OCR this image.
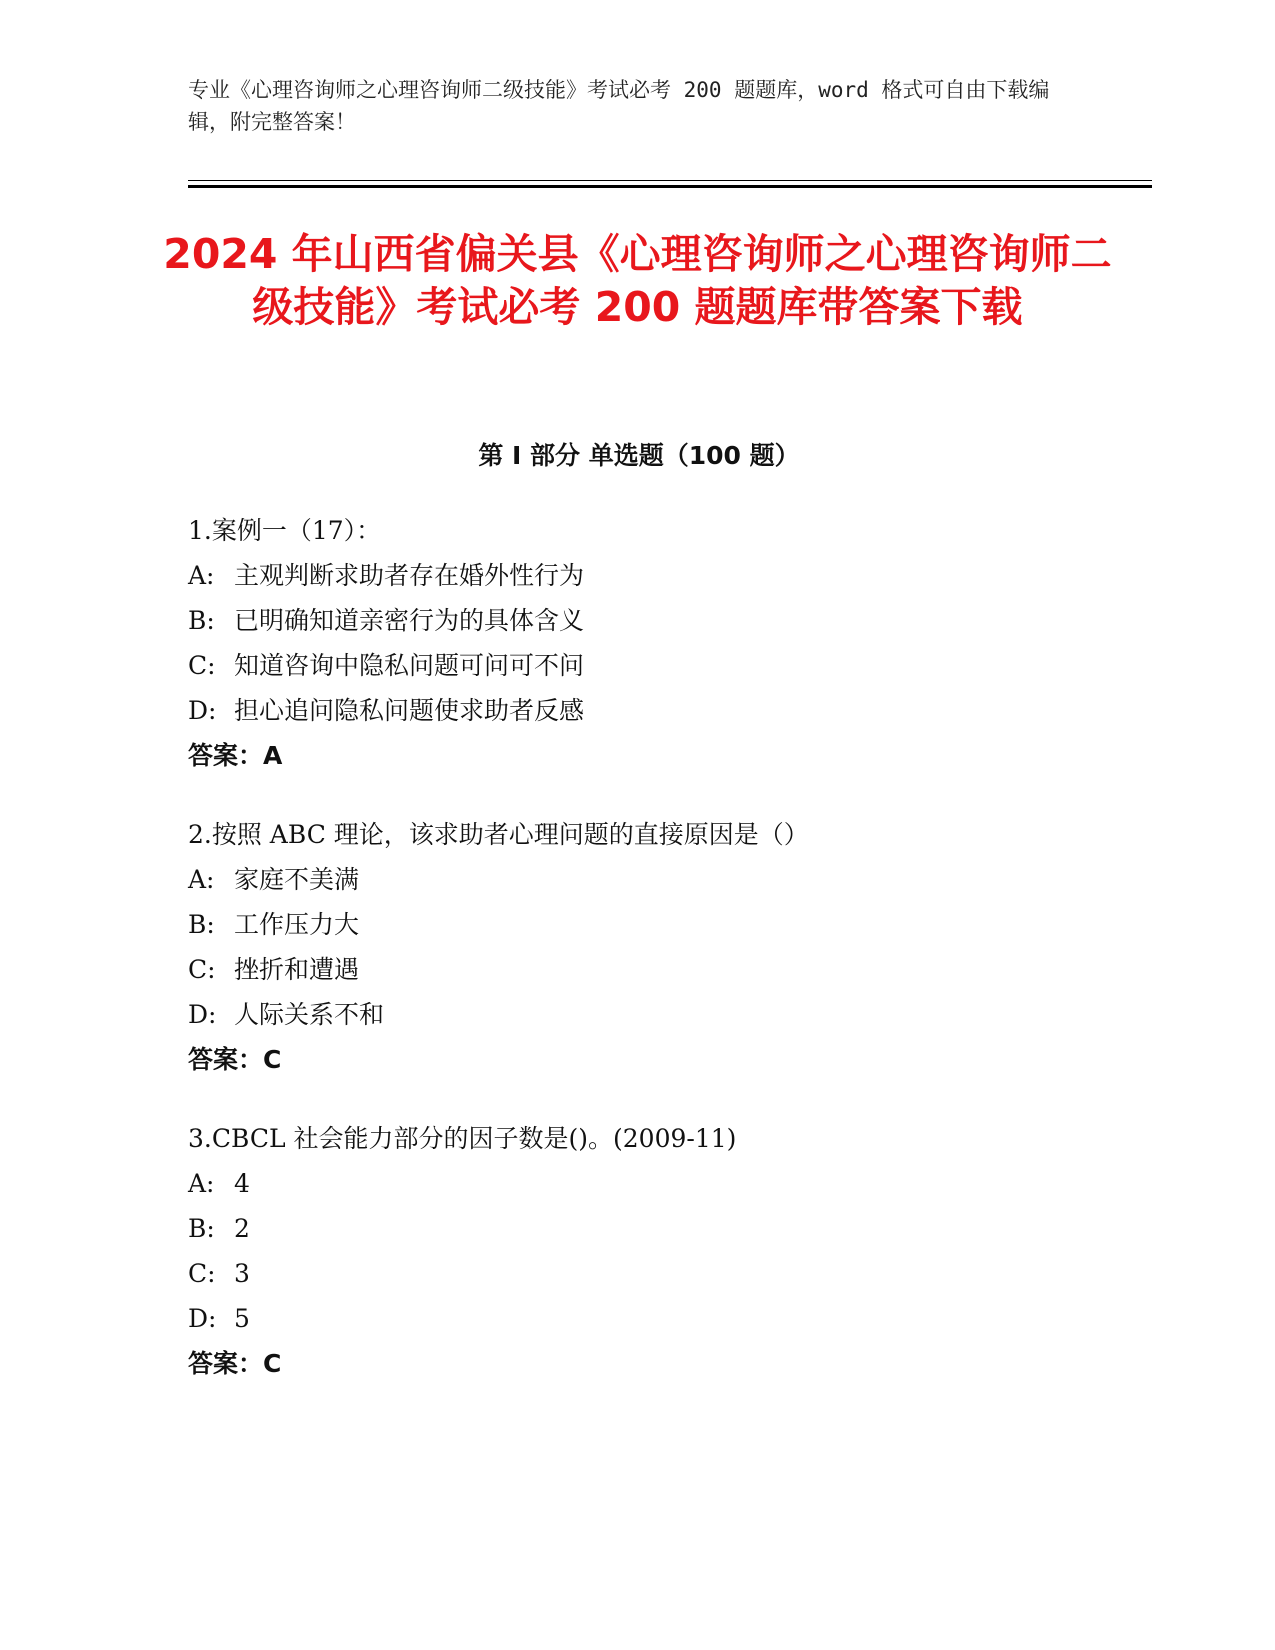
专业《心理咨询师之心理咨询师二级技能》考试必考 200 题题库，word 格式可自由下载编辑，附完整答案！
2024 年山西省偏关县《心理咨询师之心理咨询师二级技能》考试必考 200 题题库带答案下载
第 I 部分 单选题（100 题）
1.案例一（17）：
A: 主观判断求助者存在婚外性行为
B: 已明确知道亲密行为的具体含义
C: 知道咨询中隐私问题可问可不问
D: 担心追问隐私问题使求助者反感
答案：A
2.按照 ABC 理论，该求助者心理问题的直接原因是（）
A: 家庭不美满
B: 工作压力大
C: 挫折和遭遇
D: 人际关系不和
答案：C
3.CBCL 社会能力部分的因子数是()。(2009-11)
A: 4
B: 2
C: 3
D: 5
答案：C
